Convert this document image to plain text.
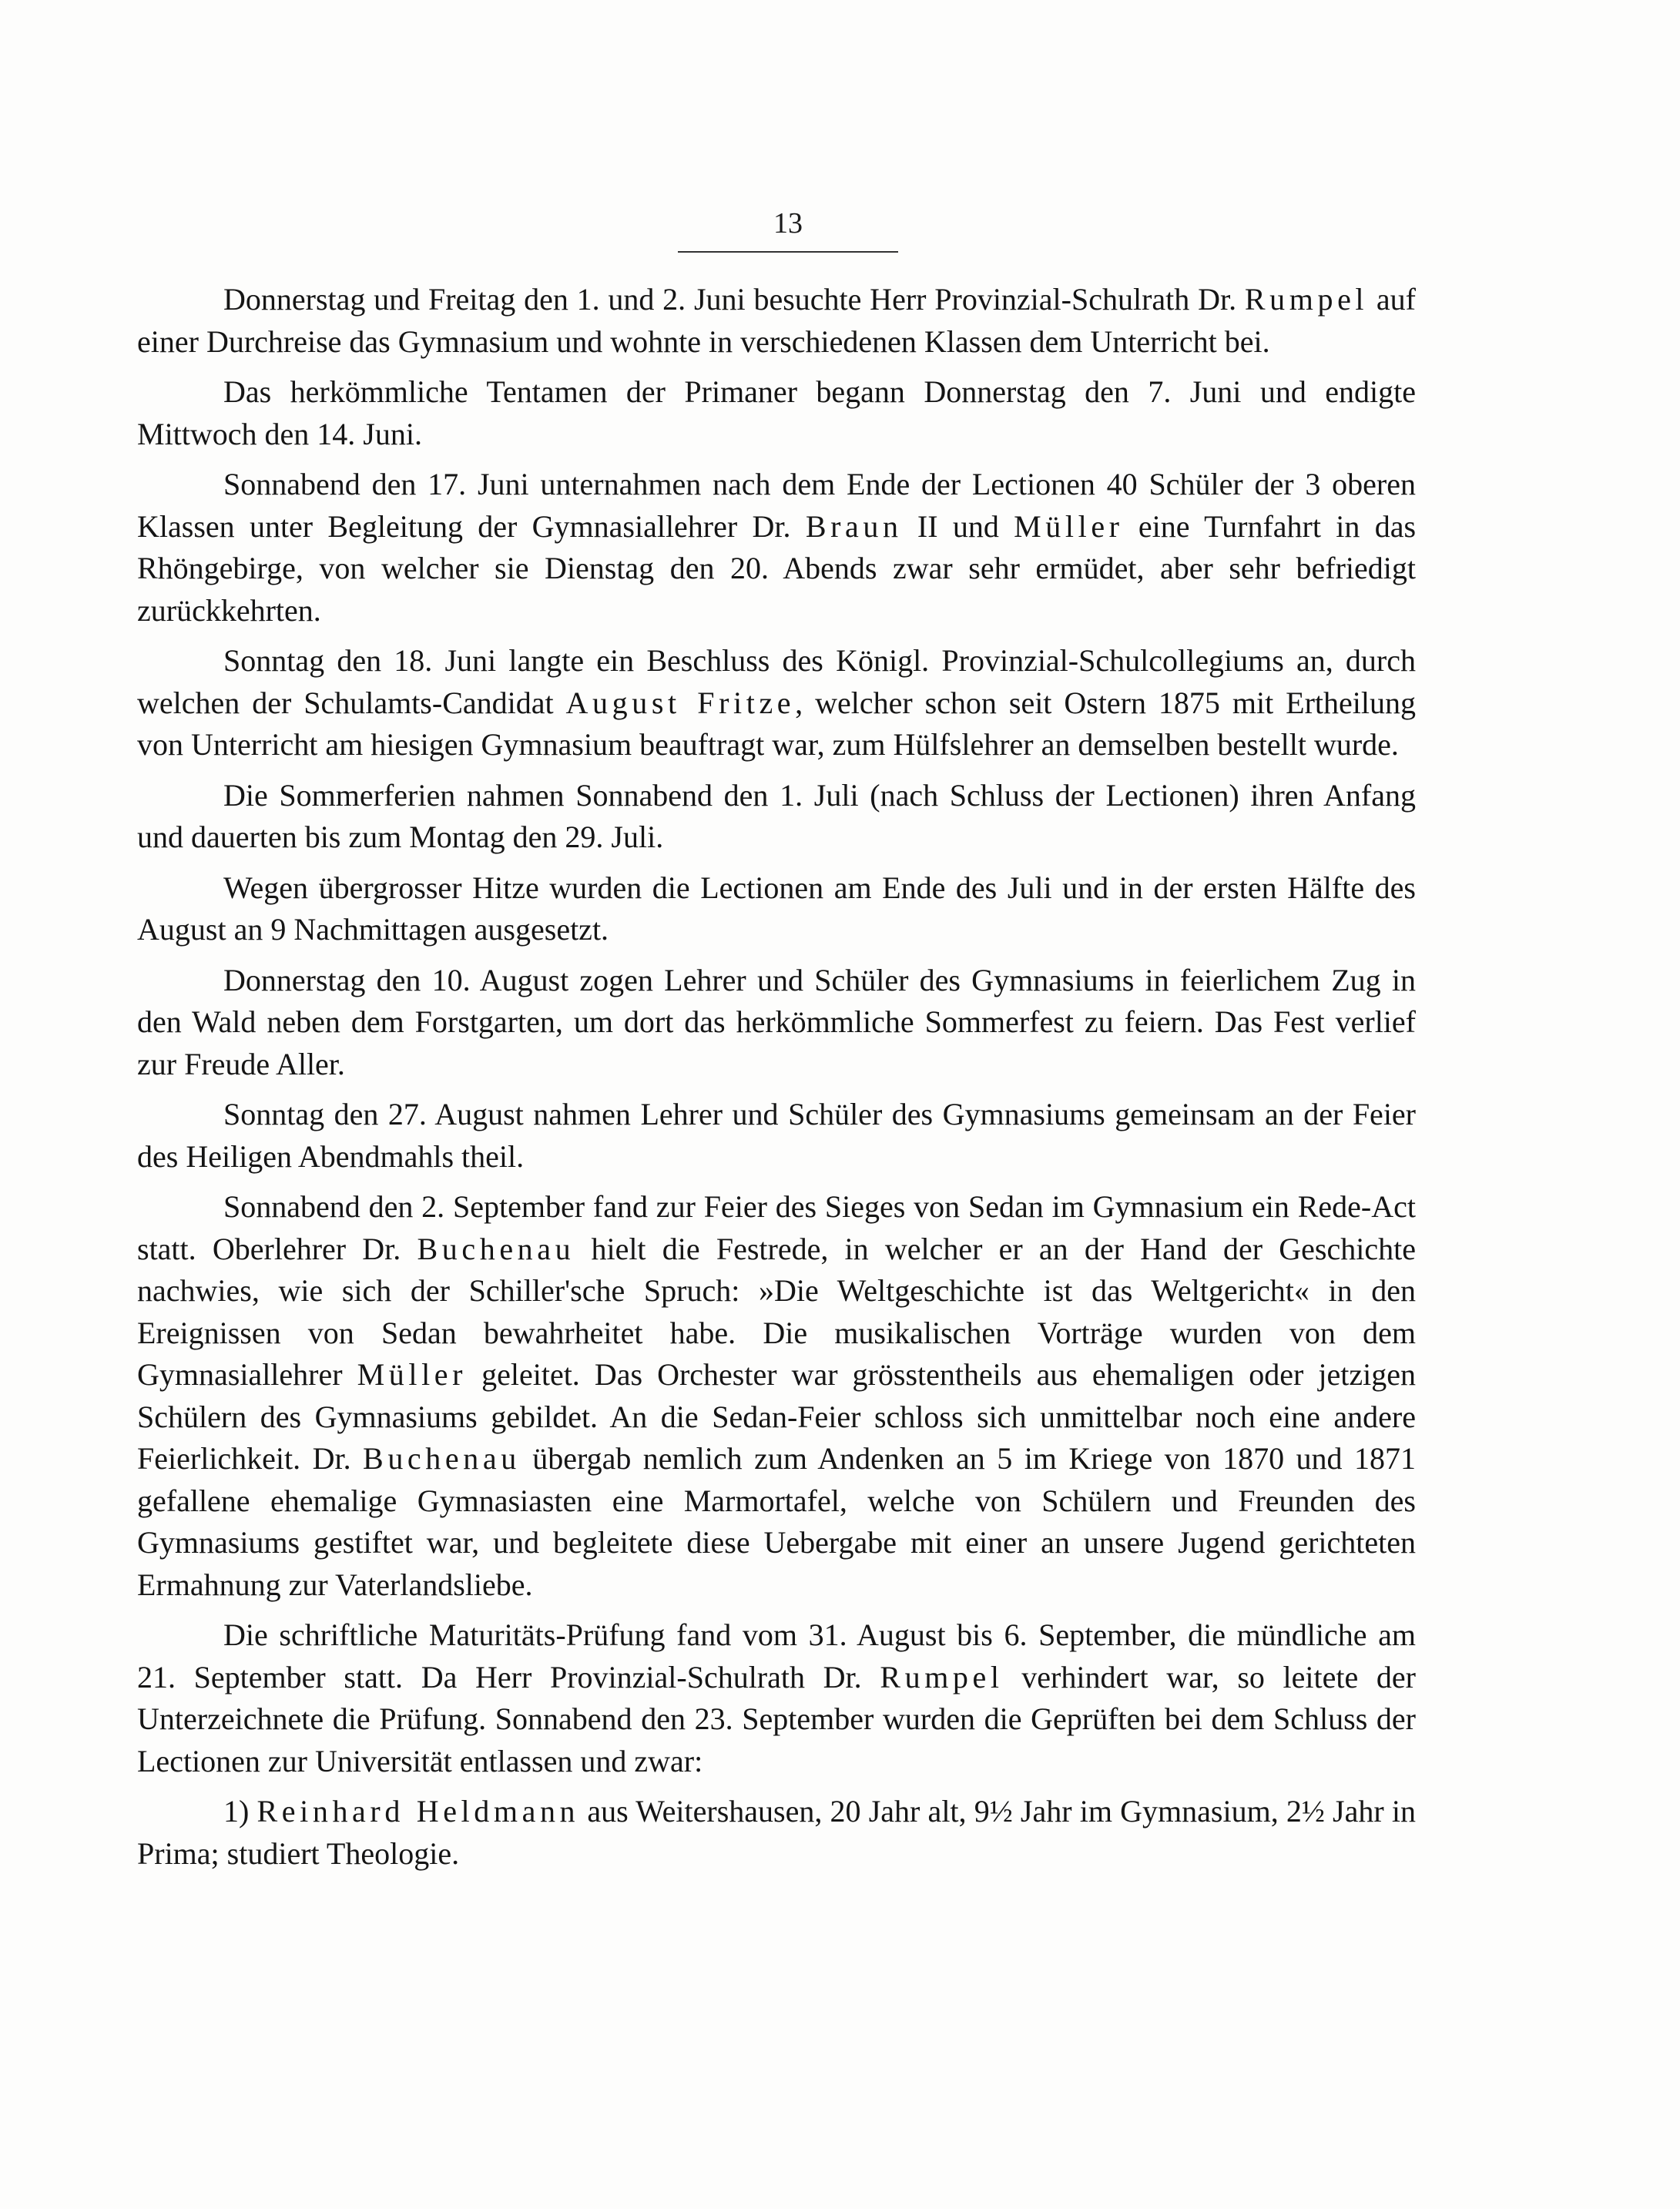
13

Donnerstag und Freitag den 1. und 2. Juni besuchte Herr Provinzial-Schulrath Dr. Rumpel auf einer Durchreise das Gymnasium und wohnte in verschiedenen Klassen dem Unterricht bei.

Das herkömmliche Tentamen der Primaner begann Donnerstag den 7. Juni und endigte Mittwoch den 14. Juni.

Sonnabend den 17. Juni unternahmen nach dem Ende der Lectionen 40 Schüler der 3 oberen Klassen unter Begleitung der Gymnasiallehrer Dr. Braun II und Müller eine Turnfahrt in das Rhöngebirge, von welcher sie Dienstag den 20. Abends zwar sehr ermüdet, aber sehr befriedigt zurückkehrten.

Sonntag den 18. Juni langte ein Beschluss des Königl. Provinzial-Schulcollegiums an, durch welchen der Schulamts-Candidat August Fritze, welcher schon seit Ostern 1875 mit Ertheilung von Unterricht am hiesigen Gymnasium beauftragt war, zum Hülfslehrer an demselben bestellt wurde.

Die Sommerferien nahmen Sonnabend den 1. Juli (nach Schluss der Lectionen) ihren Anfang und dauerten bis zum Montag den 29. Juli.

Wegen übergrosser Hitze wurden die Lectionen am Ende des Juli und in der ersten Hälfte des August an 9 Nachmittagen ausgesetzt.

Donnerstag den 10. August zogen Lehrer und Schüler des Gymnasiums in feierlichem Zug in den Wald neben dem Forstgarten, um dort das herkömmliche Sommerfest zu feiern. Das Fest verlief zur Freude Aller.

Sonntag den 27. August nahmen Lehrer und Schüler des Gymnasiums gemeinsam an der Feier des Heiligen Abendmahls theil.

Sonnabend den 2. September fand zur Feier des Sieges von Sedan im Gymnasium ein Rede-Act statt. Oberlehrer Dr. Buchenau hielt die Festrede, in welcher er an der Hand der Geschichte nachwies, wie sich der Schiller'sche Spruch: »Die Weltgeschichte ist das Weltgericht« in den Ereignissen von Sedan bewahrheitet habe. Die musikalischen Vorträge wurden von dem Gymnasiallehrer Müller geleitet. Das Orchester war grösstentheils aus ehemaligen oder jetzigen Schülern des Gymnasiums gebildet. An die Sedan-Feier schloss sich unmittelbar noch eine andere Feierlichkeit. Dr. Buchenau übergab nemlich zum Andenken an 5 im Kriege von 1870 und 1871 gefallene ehemalige Gymnasiasten eine Marmortafel, welche von Schülern und Freunden des Gymnasiums gestiftet war, und begleitete diese Uebergabe mit einer an unsere Jugend gerichteten Ermahnung zur Vaterlandsliebe.

Die schriftliche Maturitäts-Prüfung fand vom 31. August bis 6. September, die mündliche am 21. September statt. Da Herr Provinzial-Schulrath Dr. Rumpel verhindert war, so leitete der Unterzeichnete die Prüfung. Sonnabend den 23. September wurden die Geprüften bei dem Schluss der Lectionen zur Universität entlassen und zwar:

1) Reinhard Heldmann aus Weitershausen, 20 Jahr alt, 9½ Jahr im Gymnasium, 2½ Jahr in Prima; studiert Theologie.
